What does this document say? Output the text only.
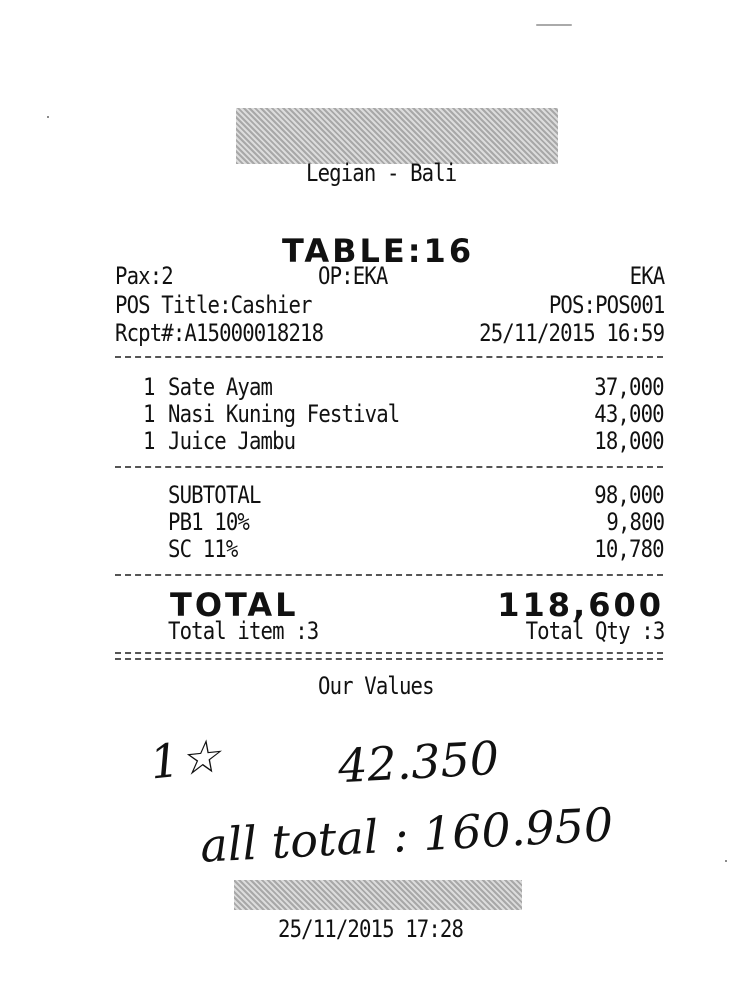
Legian - Bali
TABLE:16
Pax:2	OP:EKA	EKA
POS Title:Cashier	POS:POS001
Rcpt#:A15000018218	25/11/2015 16:59
1 Sate Ayam	37,000
1 Nasi Kuning Festival	43,000
1 Juice Jambu	18,000
SUBTOTAL	98,000
PB1 10%	9,800
SC 11%	10,780
TOTAL	118,600
Total item :3	Total Qty :3
Our Values
1☆ 42.350
all total : 160.950
25/11/2015 17:28
